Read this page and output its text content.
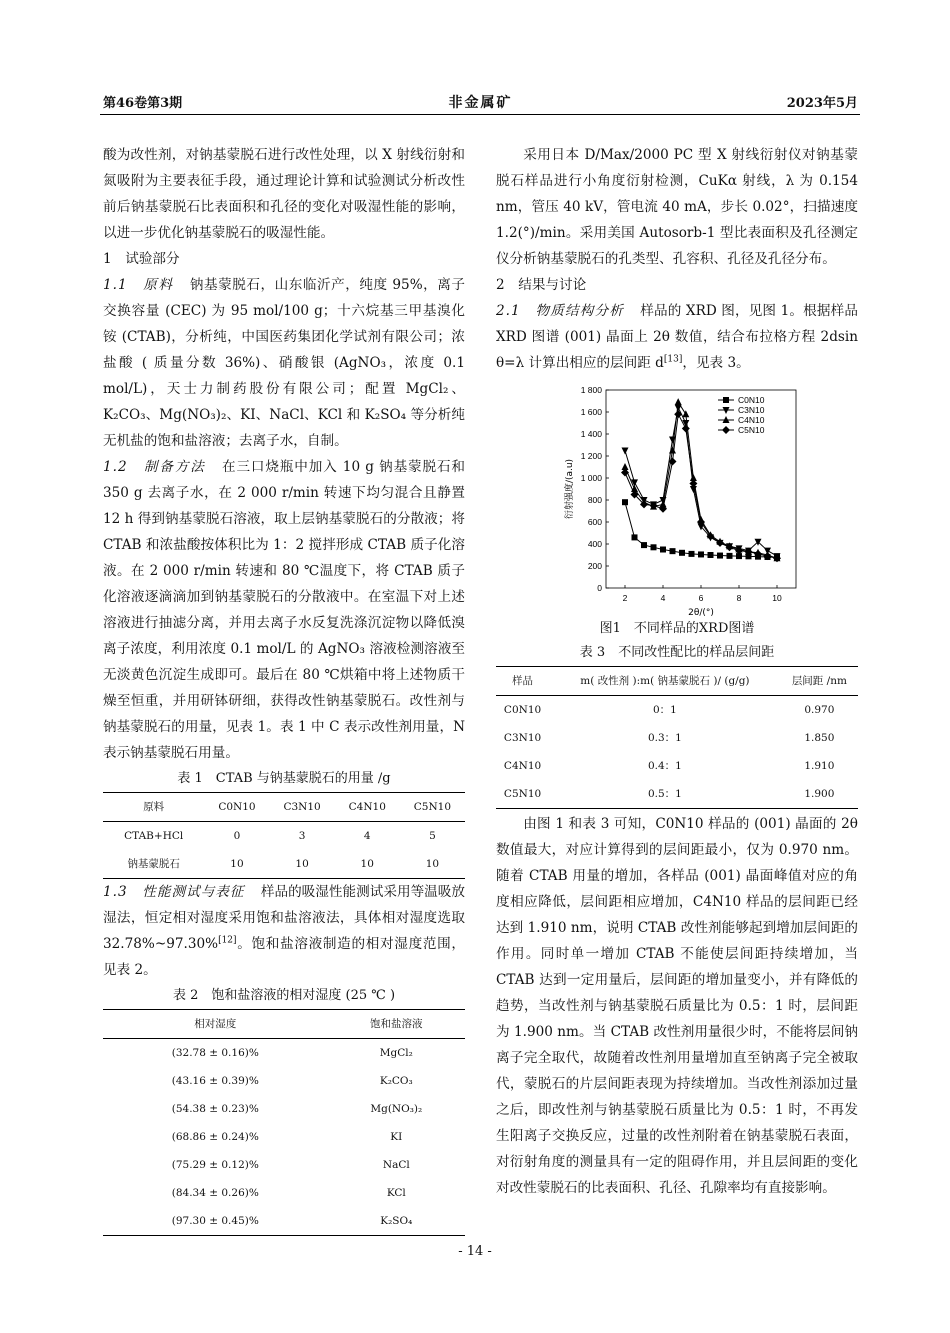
第46卷第3期	非金属矿	2023年5月

酸为改性剂，对钠基蒙脱石进行改性处理，以 X 射线衍射和氮吸附为主要表征手段，通过理论计算和试验测试分析改性前后钠基蒙脱石比表面积和孔径的变化对吸湿性能的影响，以进一步优化钠基蒙脱石的吸湿性能。

1　试验部分

1.1　原料 钠基蒙脱石，山东临沂产，纯度 95%，离子交换容量 (CEC) 为 95 mol/100 g；十六烷基三甲基溴化铵 (CTAB)，分析纯，中国医药集团化学试剂有限公司；浓盐酸 ( 质量分数 36%)、硝酸银 (AgNO₃，浓度 0.1 mol/L)，天士力制药股份有限公司；配置 MgCl₂、K₂CO₃、Mg(NO₃)₂、KI、NaCl、KCl 和 K₂SO₄ 等分析纯无机盐的饱和盐溶液；去离子水，自制。

1.2　制备方法 在三口烧瓶中加入 10 g 钠基蒙脱石和 350 g 去离子水，在 2 000 r/min 转速下均匀混合且静置 12 h 得到钠基蒙脱石溶液，取上层钠基蒙脱石的分散液；将 CTAB 和浓盐酸按体积比为 1：2 搅拌形成 CTAB 质子化溶液。在 2 000 r/min 转速和 80 ℃温度下，将 CTAB 质子化溶液逐滴滴加到钠基蒙脱石的分散液中。在室温下对上述溶液进行抽滤分离，并用去离子水反复洗涤沉淀物以降低溴离子浓度，利用浓度 0.1 mol/L 的 AgNO₃ 溶液检测溶液至无淡黄色沉淀生成即可。最后在 80 ℃烘箱中将上述物质干燥至恒重，并用研钵研细，获得改性钠基蒙脱石。改性剂与钠基蒙脱石的用量，见表 1。表 1 中 C 表示改性剂用量，N 表示钠基蒙脱石用量。

表 1　CTAB 与钠基蒙脱石的用量 /g
原料	C0N10	C3N10	C4N10	C5N10
CTAB+HCl	0	3	4	5
钠基蒙脱石	10	10	10	10

1.3　性能测试与表征 样品的吸湿性能测试采用等温吸放湿法，恒定相对湿度采用饱和盐溶液法，具体相对湿度选取 32.78%~97.30%[12]。饱和盐溶液制造的相对湿度范围，见表 2。

表 2　饱和盐溶液的相对湿度 (25 ℃ )
相对湿度	饱和盐溶液
(32.78 ± 0.16)%	MgCl₂
(43.16 ± 0.39)%	K₂CO₃
(54.38 ± 0.23)%	Mg(NO₃)₂
(68.86 ± 0.24)%	KI
(75.29 ± 0.12)%	NaCl
(84.34 ± 0.26)%	KCl
(97.30 ± 0.45)%	K₂SO₄

采用日本 D/Max/2000 PC 型 X 射线衍射仪对钠基蒙脱石样品进行小角度衍射检测，CuKα 射线，λ 为 0.154 nm，管压 40 kV，管电流 40 mA，步长 0.02°，扫描速度 1.2(°)/min。采用美国 Autosorb-1 型比表面积及孔径测定仪分析钠基蒙脱石的孔类型、孔容积、孔径及孔径分布。

2　结果与讨论

2.1　物质结构分析 样品的 XRD 图，见图 1。根据样品 XRD 图谱 (001) 晶面上 2θ 数值，结合布拉格方程 2dsin θ=λ 计算出相应的层间距 d[13]，见表 3。

0
200
400
600
800
1 000
1 200
1 400
1 600
1 800
2	4	6	8	10
2θ/(°)
衍射强度/(a.u)
C0N10
C3N10
C4N10
C5N10
图1　不同样品的XRD图谱
表 3　不同改性配比的样品层间距
样品	m( 改性剂 ):m( 钠基蒙脱石 )/ (g/g)	层间距 /nm
C0N10	0：1	0.970
C3N10	0.3：1	1.850
C4N10	0.4：1	1.910
C5N10	0.5：1	1.900

由图 1 和表 3 可知，C0N10 样品的 (001) 晶面的 2θ 数值最大，对应计算得到的层间距最小，仅为 0.970 nm。随着 CTAB 用量的增加，各样品 (001) 晶面峰值对应的角度相应降低，层间距相应增加，C4N10 样品的层间距已经达到 1.910 nm，说明 CTAB 改性剂能够起到增加层间距的作用。同时单一增加 CTAB 不能使层间距持续增加，当 CTAB 达到一定用量后，层间距的增加量变小，并有降低的趋势，当改性剂与钠基蒙脱石质量比为 0.5：1 时，层间距为 1.900 nm。当 CTAB 改性剂用量很少时，不能将层间钠离子完全取代，故随着改性剂用量增加直至钠离子完全被取代，蒙脱石的片层间距表现为持续增加。当改性剂添加过量之后，即改性剂与钠基蒙脱石质量比为 0.5：1 时，不再发生阳离子交换反应，过量的改性剂附着在钠基蒙脱石表面，对衍射角度的测量具有一定的阻碍作用，并且层间距的变化对改性蒙脱石的比表面积、孔径、孔隙率均有直接影响。

- 14 -
